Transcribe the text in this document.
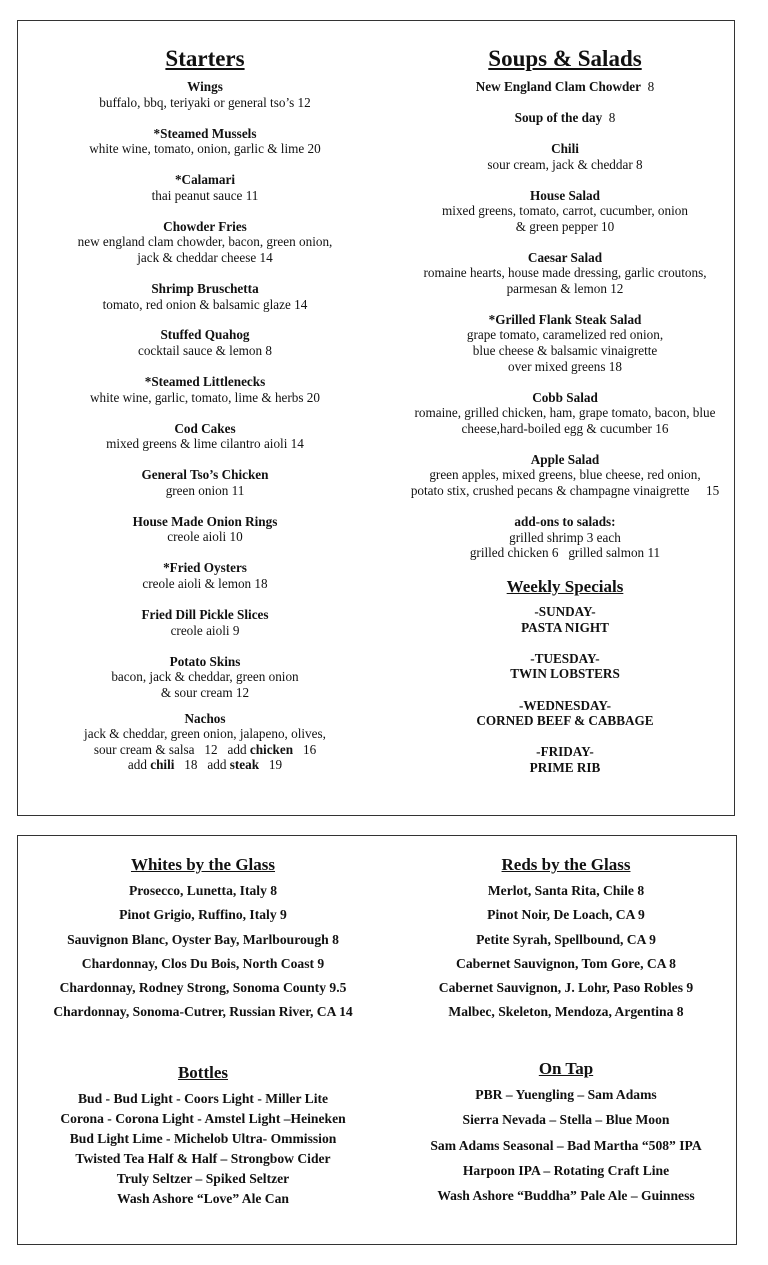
Starters
Wings
buffalo, bbq, teriyaki or general tso’s 12
*Steamed Mussels
white wine, tomato, onion, garlic & lime 20
*Calamari
thai peanut sauce 11
Chowder Fries
new england clam chowder, bacon, green onion,
jack & cheddar cheese 14
Shrimp Bruschetta
tomato, red onion & balsamic glaze 14
Stuffed Quahog
cocktail sauce & lemon 8
*Steamed Littlenecks
white wine, garlic, tomato, lime & herbs 20
Cod Cakes
mixed greens & lime cilantro aioli 14
General Tso’s Chicken
green onion 11
House Made Onion Rings
creole aioli 10
*Fried Oysters
creole aioli & lemon 18
Fried Dill Pickle Slices
creole aioli 9
Potato Skins
bacon, jack & cheddar, green onion
& sour cream 12
Nachos
jack & cheddar, green onion, jalapeno, olives,
sour cream & salsa   12   add chicken   16
add chili   18   add steak   19
Soups & Salads
New England Clam Chowder  8
Soup of the day  8
Chili
sour cream, jack & cheddar 8
House Salad
mixed greens, tomato, carrot, cucumber, onion
& green pepper 10
Caesar Salad
romaine hearts, house made dressing, garlic croutons,
parmesan & lemon 12
*Grilled Flank Steak Salad
grape tomato, caramelized red onion,
blue cheese & balsamic vinaigrette
over mixed greens 18
Cobb Salad
romaine, grilled chicken, ham, grape tomato, bacon, blue
cheese,hard-boiled egg & cucumber 16
Apple Salad
green apples, mixed greens, blue cheese, red onion,
potato stix, crushed pecans & champagne vinaigrette     15
add-ons to salads:
grilled shrimp 3 each
grilled chicken 6   grilled salmon 11
Weekly Specials
-SUNDAY-
PASTA NIGHT
-TUESDAY-
TWIN LOBSTERS
-WEDNESDAY-
CORNED BEEF & CABBAGE
-FRIDAY-
PRIME RIB
Whites by the Glass
Prosecco, Lunetta, Italy 8
Pinot Grigio, Ruffino, Italy 9
Sauvignon Blanc, Oyster Bay, Marlbourough 8
Chardonnay, Clos Du Bois, North Coast 9
Chardonnay, Rodney Strong, Sonoma County 9.5
Chardonnay, Sonoma-Cutrer, Russian River, CA 14
Reds by the Glass
Merlot, Santa Rita, Chile 8
Pinot Noir, De Loach, CA 9
Petite Syrah, Spellbound, CA 9
Cabernet Sauvignon, Tom Gore, CA 8
Cabernet Sauvignon, J. Lohr, Paso Robles 9
Malbec, Skeleton, Mendoza, Argentina 8
Bottles
Bud - Bud Light - Coors Light - Miller Lite
Corona - Corona Light - Amstel Light –Heineken
Bud Light Lime - Michelob Ultra- Ommission
Twisted Tea Half & Half – Strongbow Cider
Truly Seltzer – Spiked Seltzer
Wash Ashore “Love” Ale Can
On Tap
PBR – Yuengling – Sam Adams
Sierra Nevada – Stella – Blue Moon
Sam Adams Seasonal – Bad Martha “508” IPA
Harpoon IPA – Rotating Craft Line
Wash Ashore “Buddha” Pale Ale – Guinness
